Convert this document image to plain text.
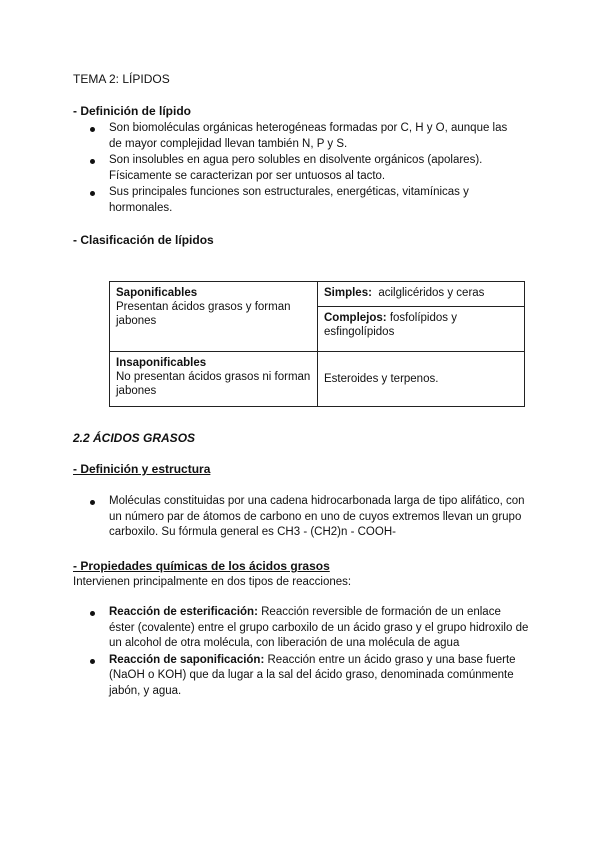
TEMA 2: LÍPIDOS
- Definición de lípido
Son biomoléculas orgánicas heterogéneas formadas por C, H y O, aunque las de mayor complejidad llevan también N, P y S.
Son insolubles en agua pero solubles en disolvente orgánicos (apolares). Físicamente se caracterizan por ser untuosos al tacto.
Sus principales funciones son estructurales, energéticas, vitamínicas y hormonales.
- Clasificación de lípidos
Saponificables
Presentan ácidos grasos y forman jabones	Simples: acilglicéridos y ceras
	Complejos: fosfolípidos y esfingolípidos
Insaponificables
No presentan ácidos grasos ni forman jabones	Esteroides y terpenos.
2.2 ÁCIDOS GRASOS
- Definición y estructura
Moléculas constituidas por una cadena hidrocarbonada larga de tipo alifático, con un número par de átomos de carbono en uno de cuyos extremos llevan un grupo carboxilo. Su fórmula general es CH3 - (CH2)n - COOH-
- Propiedades químicas de los ácidos grasos
Intervienen principalmente en dos tipos de reacciones:
Reacción de esterificación: Reacción reversible de formación de un enlace éster (covalente) entre el grupo carboxilo de un ácido graso y el grupo hidroxilo de un alcohol de otra molécula, con liberación de una molécula de agua
Reacción de saponificación: Reacción entre un ácido graso y una base fuerte (NaOH o KOH) que da lugar a la sal del ácido graso, denominada comúnmente jabón, y agua.
